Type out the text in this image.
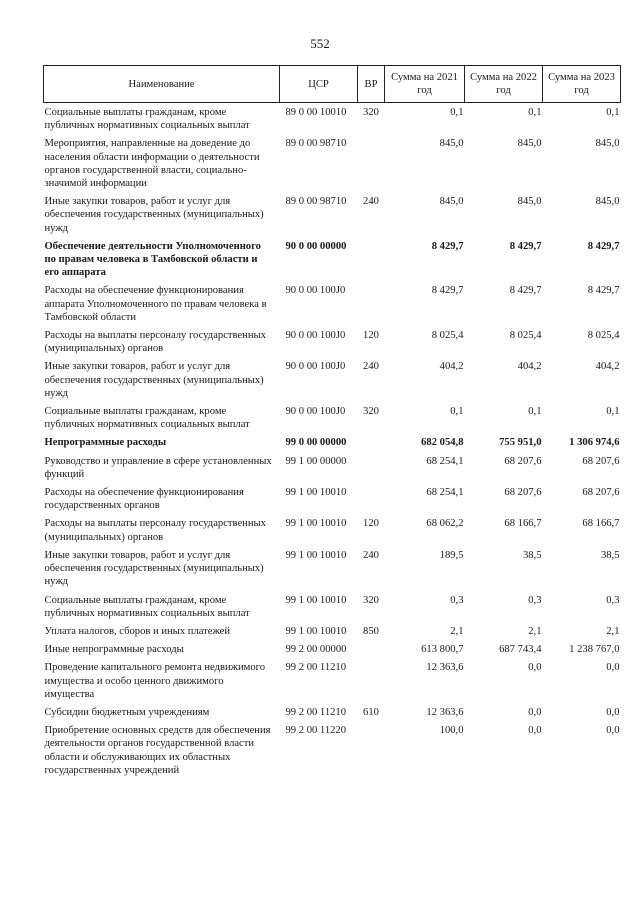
552
Наименование	ЦСР	ВР	Сумма на 2021 год	Сумма на 2022 год	Сумма на 2023 год
Социальные выплаты гражданам, кроме публичных нормативных социальных выплат	89 0 00 10010	320	0,1	0,1	0,1
Мероприятия, направленные на доведение до населения области информации о деятельности органов государственной власти, социально-значимой информации	89 0 00 98710		845,0	845,0	845,0
Иные закупки товаров, работ и услуг для обеспечения государственных (муниципальных) нужд	89 0 00 98710	240	845,0	845,0	845,0
Обеспечение деятельности Уполномоченного по правам человека в Тамбовской области и его аппарата	90 0 00 00000		8 429,7	8 429,7	8 429,7
Расходы на обеспечение функционирования аппарата Уполномоченного по правам человека в Тамбовской области	90 0 00 100J0		8 429,7	8 429,7	8 429,7
Расходы на выплаты персоналу государственных (муниципальных) органов	90 0 00 100J0	120	8 025,4	8 025,4	8 025,4
Иные закупки товаров, работ и услуг для обеспечения государственных (муниципальных) нужд	90 0 00 100J0	240	404,2	404,2	404,2
Социальные выплаты гражданам, кроме публичных нормативных социальных выплат	90 0 00 100J0	320	0,1	0,1	0,1
Непрограммные расходы	99 0 00 00000		682 054,8	755 951,0	1 306 974,6
Руководство и управление в сфере установленных функций	99 1 00 00000		68 254,1	68 207,6	68 207,6
Расходы на обеспечение функционирования государственных органов	99 1 00 10010		68 254,1	68 207,6	68 207,6
Расходы на выплаты персоналу государственных (муниципальных) органов	99 1 00 10010	120	68 062,2	68 166,7	68 166,7
Иные закупки товаров, работ и услуг для обеспечения государственных (муниципальных) нужд	99 1 00 10010	240	189,5	38,5	38,5
Социальные выплаты гражданам, кроме публичных нормативных социальных выплат	99 1 00 10010	320	0,3	0,3	0,3
Уплата налогов, сборов и иных платежей	99 1 00 10010	850	2,1	2,1	2,1
Иные непрограммные расходы	99 2 00 00000		613 800,7	687 743,4	1 238 767,0
Проведение капитального ремонта недвижимого имущества и особо ценного движимого имущества	99 2 00 11210		12 363,6	0,0	0,0
Субсидии бюджетным учреждениям	99 2 00 11210	610	12 363,6	0,0	0,0
Приобретение основных средств для обеспечения деятельности органов государственной власти области и обслуживающих их областных государственных учреждений	99 2 00 11220		100,0	0,0	0,0
